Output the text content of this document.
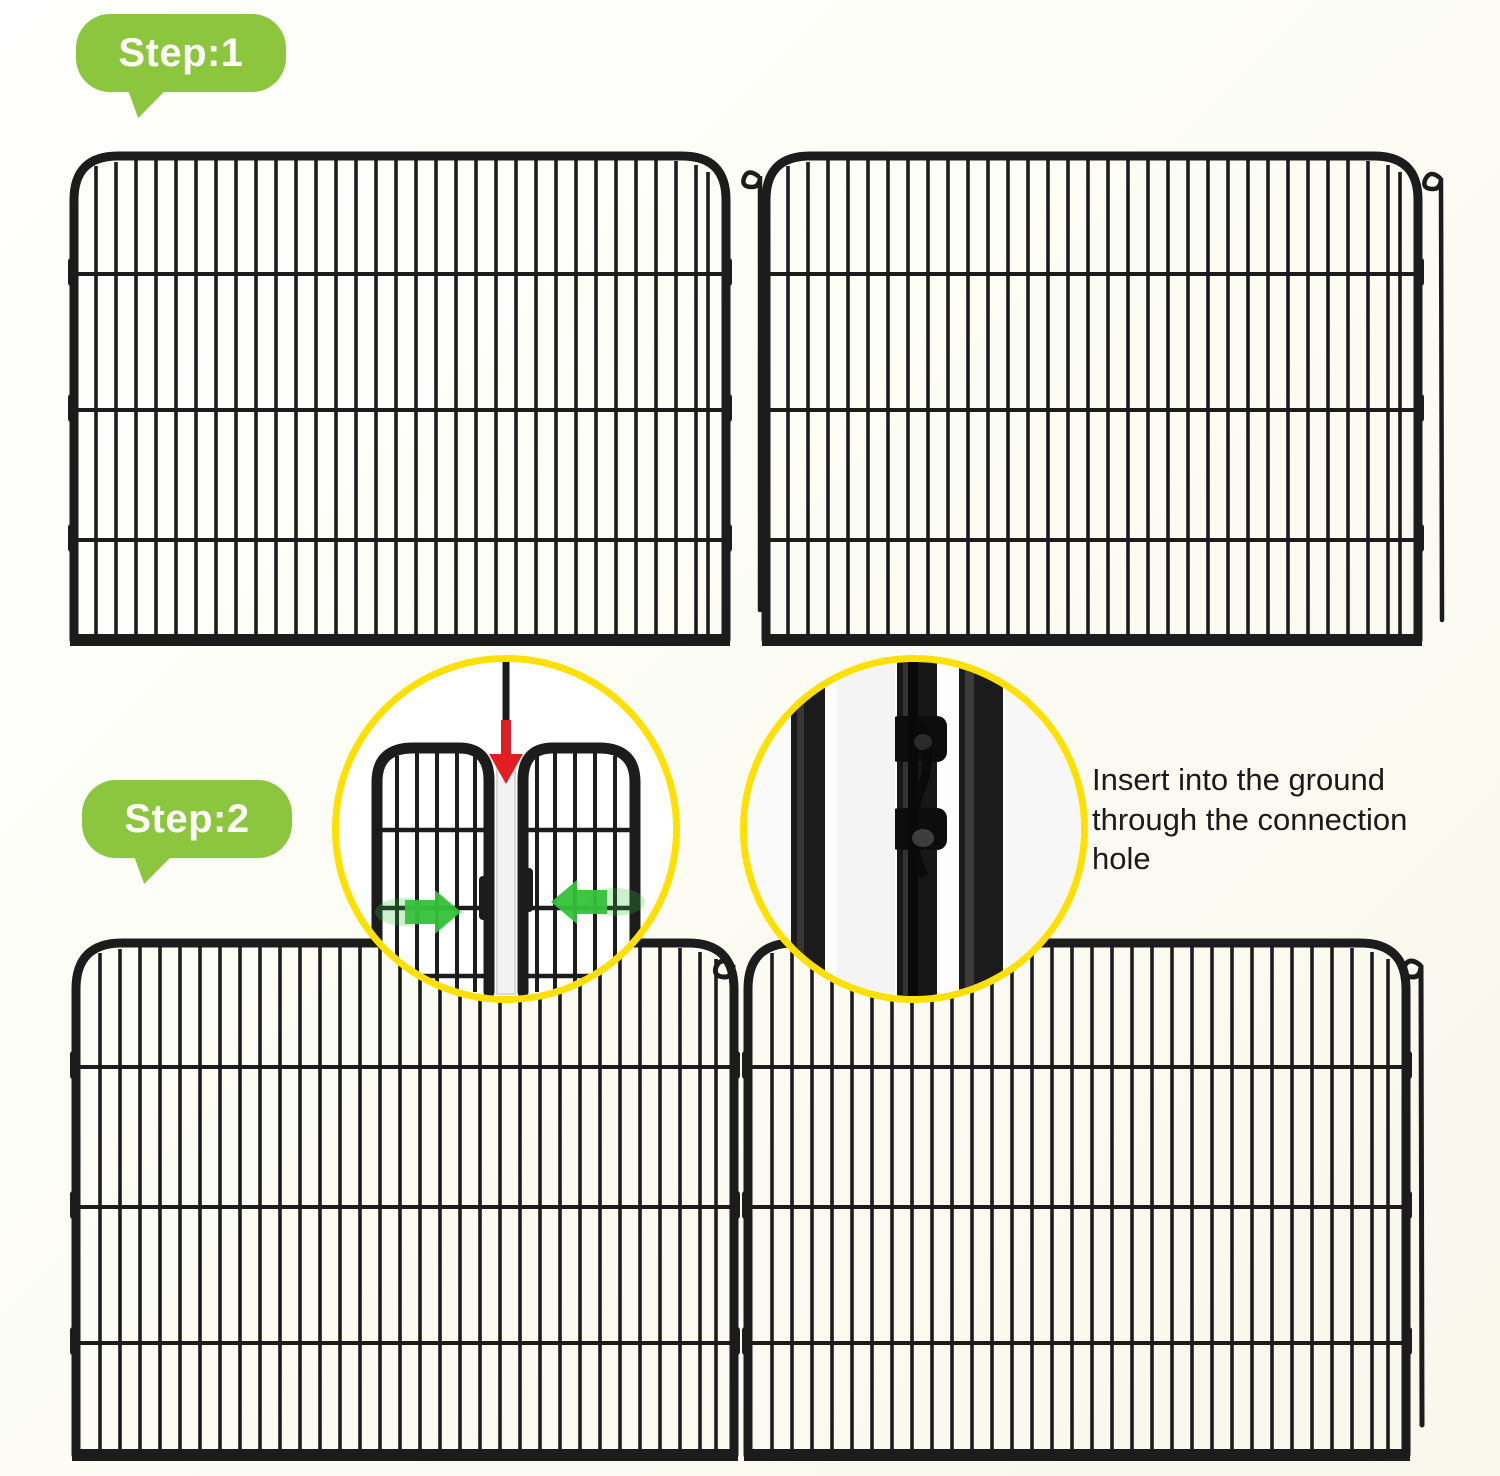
Step:1
Step:2
Insert into the ground
through the connection
hole
